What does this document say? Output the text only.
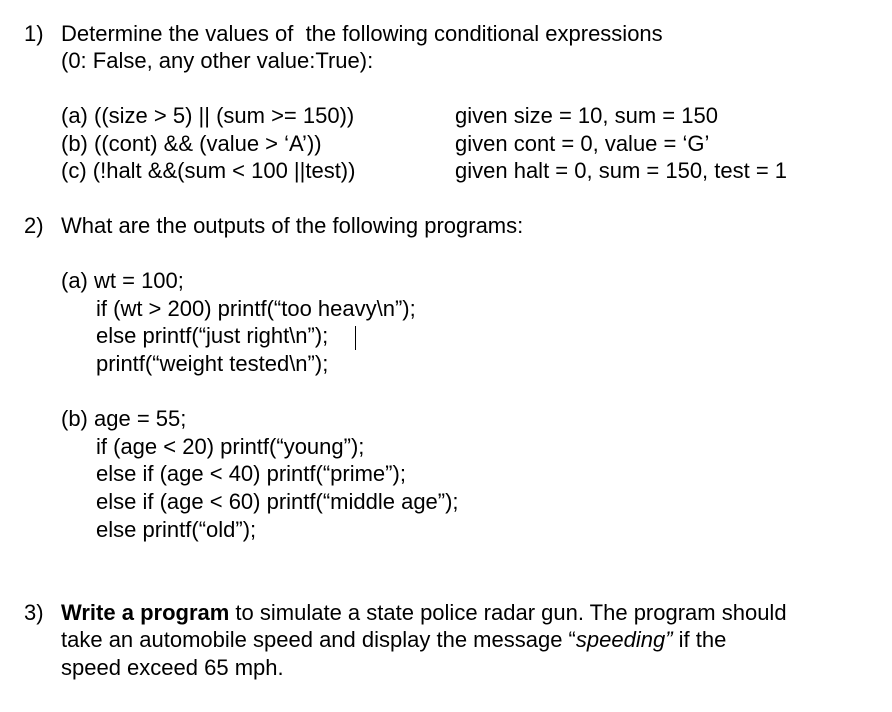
1) Determine the values of  the following conditional expressions
(0: False, any other value:True):
(a) ((size > 5) || (sum >= 150))	given size = 10, sum = 150
(b) ((cont) && (value > ‘A’))	given cont = 0, value = ‘G’
(c) (!halt &&(sum < 100 ||test))	given halt = 0, sum = 150, test = 1
2) What are the outputs of the following programs:
(a) wt = 100;
if (wt > 200) printf(“too heavy\n”);
else printf(“just right\n”);
printf(“weight tested\n”);
(b) age = 55;
if (age < 20) printf(“young”);
else if (age < 40) printf(“prime”);
else if (age < 60) printf(“middle age”);
else printf(“old”);
3) Write a program to simulate a state police radar gun. The program should
take an automobile speed and display the message “speeding” if the
speed exceed 65 mph.
